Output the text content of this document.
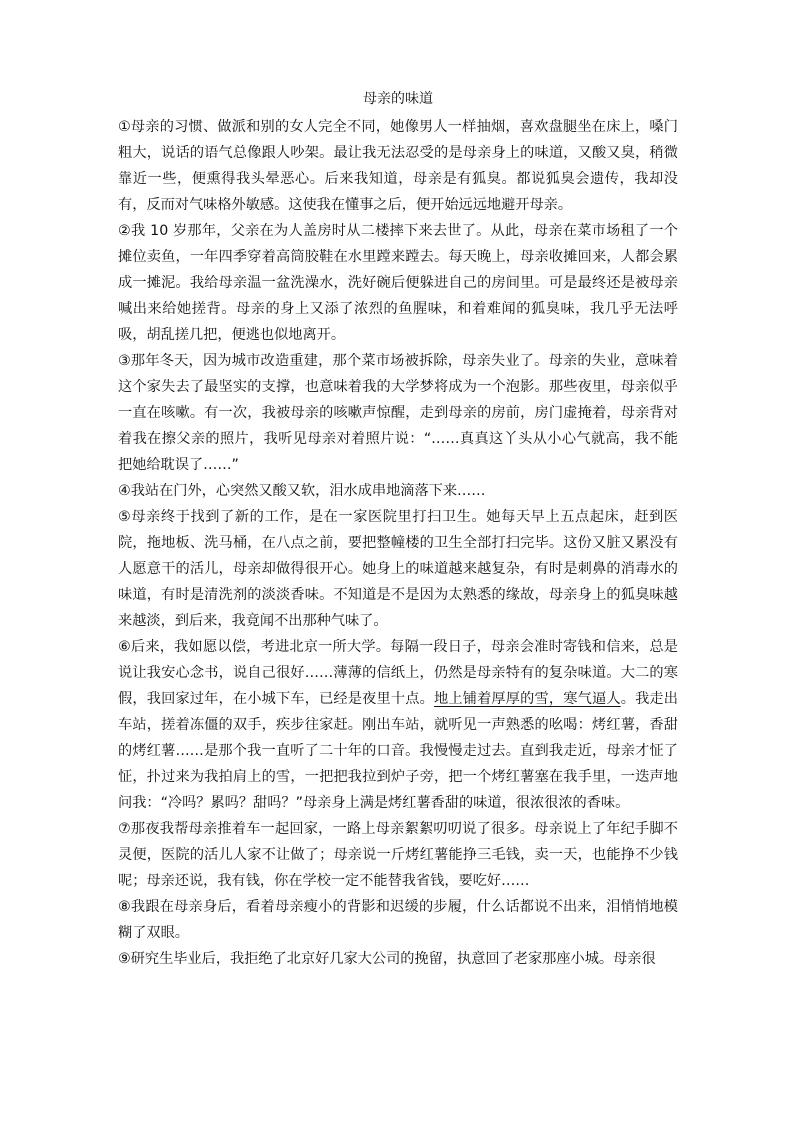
母亲的味道

①母亲的习惯、做派和别的女人完全不同，她像男人一样抽烟，喜欢盘腿坐在床上，嗓门粗大，说话的语气总像跟人吵架。最让我无法忍受的是母亲身上的味道，又酸又臭，稍微靠近一些，便熏得我头晕恶心。后来我知道，母亲是有狐臭。都说狐臭会遗传，我却没有，反而对气味格外敏感。这使我在懂事之后，便开始远远地避开母亲。

②我 10 岁那年，父亲在为人盖房时从二楼摔下来去世了。从此，母亲在菜市场租了一个摊位卖鱼，一年四季穿着高筒胶鞋在水里蹚来蹚去。每天晚上，母亲收摊回来，人都会累成一摊泥。我给母亲温一盆洗澡水，洗好碗后便躲进自己的房间里。可是最终还是被母亲喊出来给她搓背。母亲的身上又添了浓烈的鱼腥味，和着难闻的狐臭味，我几乎无法呼吸，胡乱搓几把，便逃也似地离开。

③那年冬天，因为城市改造重建，那个菜市场被拆除，母亲失业了。母亲的失业，意味着这个家失去了最坚实的支撑，也意味着我的大学梦将成为一个泡影。那些夜里，母亲似乎一直在咳嗽。有一次，我被母亲的咳嗽声惊醒，走到母亲的房前，房门虚掩着，母亲背对着我在擦父亲的照片，我听见母亲对着照片说：“……真真这丫头从小心气就高，我不能把她给耽误了……”

④我站在门外，心突然又酸又软，泪水成串地滴落下来……

⑤母亲终于找到了新的工作，是在一家医院里打扫卫生。她每天早上五点起床，赶到医院，拖地板、洗马桶，在八点之前，要把整幢楼的卫生全部打扫完毕。这份又脏又累没有人愿意干的活儿，母亲却做得很开心。她身上的味道越来越复杂，有时是刺鼻的消毒水的味道，有时是清洗剂的淡淡香味。不知道是不是因为太熟悉的缘故，母亲身上的狐臭味越来越淡，到后来，我竟闻不出那种气味了。

⑥后来，我如愿以偿，考进北京一所大学。每隔一段日子，母亲会准时寄钱和信来，总是说让我安心念书，说自己很好……薄薄的信纸上，仍然是母亲特有的复杂味道。大二的寒假，我回家过年，在小城下车，已经是夜里十点。地上铺着厚厚的雪，寒气逼人。我走出车站，搓着冻僵的双手，疾步往家赶。刚出车站，就听见一声熟悉的吆喝：烤红薯，香甜的烤红薯……是那个我一直听了二十年的口音。我慢慢走过去。直到我走近，母亲才怔了怔，扑过来为我拍肩上的雪，一把把我拉到炉子旁，把一个烤红薯塞在我手里，一迭声地问我：“冷吗？累吗？甜吗？”母亲身上满是烤红薯香甜的味道，很浓很浓的香味。

⑦那夜我帮母亲推着车一起回家，一路上母亲絮絮叨叨说了很多。母亲说上了年纪手脚不灵便，医院的活儿人家不让做了；母亲说一斤烤红薯能挣三毛钱，卖一天，也能挣不少钱呢；母亲还说，我有钱，你在学校一定不能替我省钱，要吃好……

⑧我跟在母亲身后，看着母亲瘦小的背影和迟缓的步履，什么话都说不出来，泪悄悄地模糊了双眼。

⑨研究生毕业后，我拒绝了北京好几家大公司的挽留，执意回了老家那座小城。母亲很
